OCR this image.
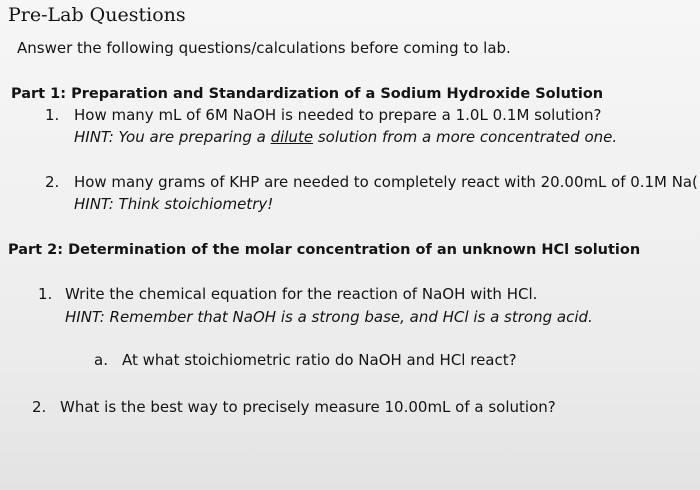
Pre-Lab Questions
Answer the following questions/calculations before coming to lab.
Part 1: Preparation and Standardization of a Sodium Hydroxide Solution
1. How many mL of 6M NaOH is needed to prepare a 1.0L 0.1M solution?
HINT: You are preparing a dilute solution from a more concentrated one.
2. How many grams of KHP are needed to completely react with 20.00mL of 0.1M Na(
HINT: Think stoichiometry!
Part 2: Determination of the molar concentration of an unknown HCl solution
1. Write the chemical equation for the reaction of NaOH with HCl.
HINT: Remember that NaOH is a strong base, and HCl is a strong acid.
a. At what stoichiometric ratio do NaOH and HCl react?
2. What is the best way to precisely measure 10.00mL of a solution?
